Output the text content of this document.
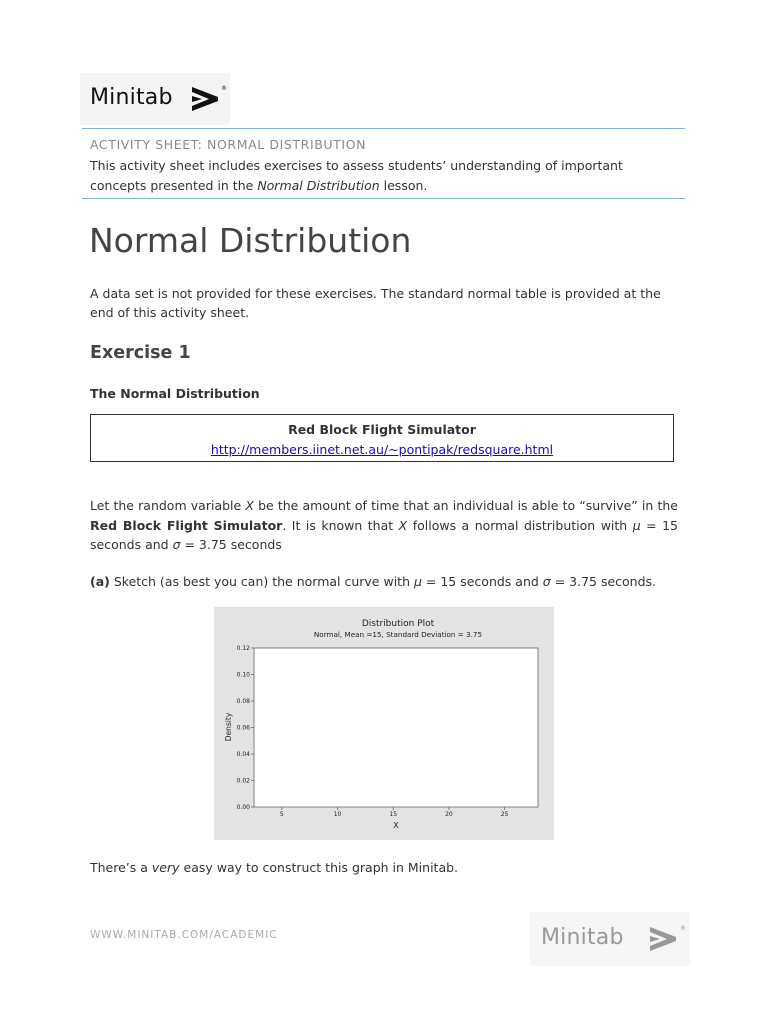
Minitab	®
ACTIVITY SHEET: NORMAL DISTRIBUTION
This activity sheet includes exercises to assess students’ understanding of important concepts presented in the Normal Distribution lesson.
Normal Distribution
A data set is not provided for these exercises. The standard normal table is provided at the end of this activity sheet.
Exercise 1
The Normal Distribution
Red Block Flight Simulator
http://members.iinet.net.au/~pontipak/redsquare.html
Let the random variable X be the amount of time that an individual is able to “survive” in the Red Block Flight Simulator. It is known that X follows a normal distribution with μ = 15 seconds and σ = 3.75 seconds
(a) Sketch (as best you can) the normal curve with μ = 15 seconds and σ = 3.75 seconds.
Distribution Plot
Normal, Mean =15, Standard Deviation = 3.75
0.00
0.02
0.04
0.06
0.08
0.10
0.12
5	10	15	20	25
X
Density
There’s a very easy way to construct this graph in Minitab.
WWW.MINITAB.COM/ACADEMIC	Minitab	®
